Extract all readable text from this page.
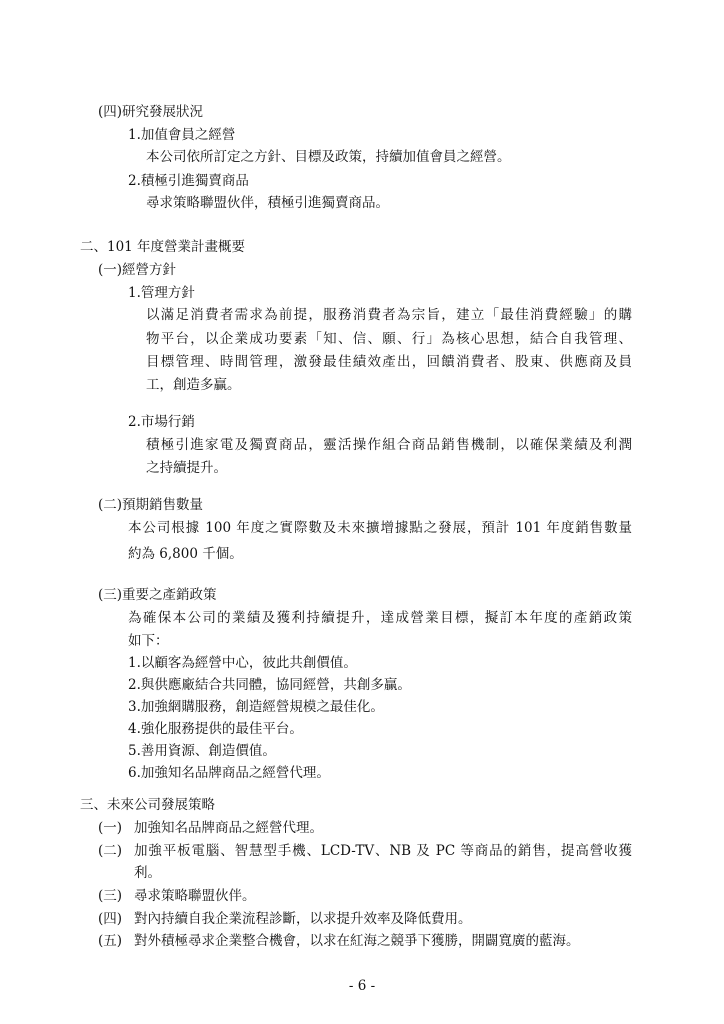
(四)研究發展狀況
1.加值會員之經營
本公司依所訂定之方針、目標及政策，持續加值會員之經營。
2.積極引進獨賣商品
尋求策略聯盟伙伴，積極引進獨賣商品。
二、101 年度營業計畫概要
(一)經營方針
1.管理方針
以滿足消費者需求為前提，服務消費者為宗旨，建立「最佳消費經驗」的購
物平台，以企業成功要素「知、信、願、行」為核心思想，結合自我管理、
目標管理、時間管理，激發最佳績效產出，回饋消費者、股東、供應商及員
工，創造多贏。
2.市場行銷
積極引進家電及獨賣商品，靈活操作組合商品銷售機制，以確保業績及利潤
之持續提升。
(二)預期銷售數量
本公司根據 100 年度之實際數及未來擴增據點之發展，預計 101 年度銷售數量
約為 6,800 千個。
(三)重要之產銷政策
為確保本公司的業績及獲利持續提升，達成營業目標，擬訂本年度的產銷政策
如下：
1.以顧客為經營中心，彼此共創價值。
2.與供應廠結合共同體，協同經營，共創多贏。
3.加強網購服務，創造經營規模之最佳化。
4.強化服務提供的最佳平台。
5.善用資源、創造價值。
6.加強知名品牌商品之經營代理。
三、未來公司發展策略
(一) 加強知名品牌商品之經營代理。
(二) 加強平板電腦、智慧型手機、LCD-TV、NB 及 PC 等商品的銷售，提高營收獲
利。
(三) 尋求策略聯盟伙伴。
(四) 對內持續自我企業流程診斷，以求提升效率及降低費用。
(五) 對外積極尋求企業整合機會，以求在紅海之競爭下獲勝，開闢寬廣的藍海。
- 6 -
